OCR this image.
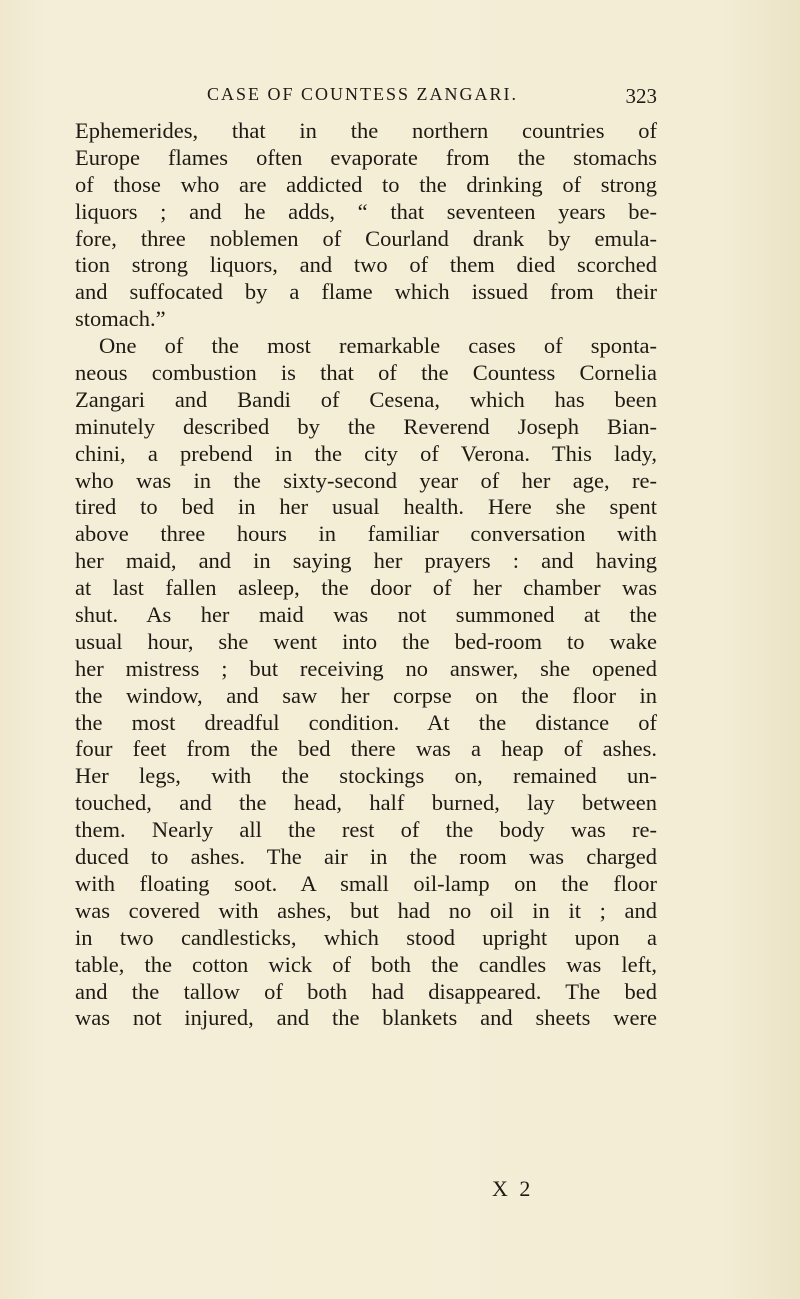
CASE OF COUNTESS ZANGARI.	323
Ephemerides, that in the northern countries of
Europe flames often evaporate from the stomachs
of those who are addicted to the drinking of strong
liquors ; and he adds, “ that seventeen years be-
fore, three noblemen of Courland drank by emula-
tion strong liquors, and two of them died scorched
and suffocated by a flame which issued from their
stomach.”
One of the most remarkable cases of sponta-
neous combustion is that of the Countess Cornelia
Zangari and Bandi of Cesena, which has been
minutely described by the Reverend Joseph Bian-
chini, a prebend in the city of Verona. This lady,
who was in the sixty-second year of her age, re-
tired to bed in her usual health. Here she spent
above three hours in familiar conversation with
her maid, and in saying her prayers : and having
at last fallen asleep, the door of her chamber was
shut. As her maid was not summoned at the
usual hour, she went into the bed-room to wake
her mistress ; but receiving no answer, she opened
the window, and saw her corpse on the floor in
the most dreadful condition. At the distance of
four feet from the bed there was a heap of ashes.
Her legs, with the stockings on, remained un-
touched, and the head, half burned, lay between
them. Nearly all the rest of the body was re-
duced to ashes. The air in the room was charged
with floating soot. A small oil-lamp on the floor
was covered with ashes, but had no oil in it ; and
in two candlesticks, which stood upright upon a
table, the cotton wick of both the candles was left,
and the tallow of both had disappeared. The bed
was not injured, and the blankets and sheets were
X 2
